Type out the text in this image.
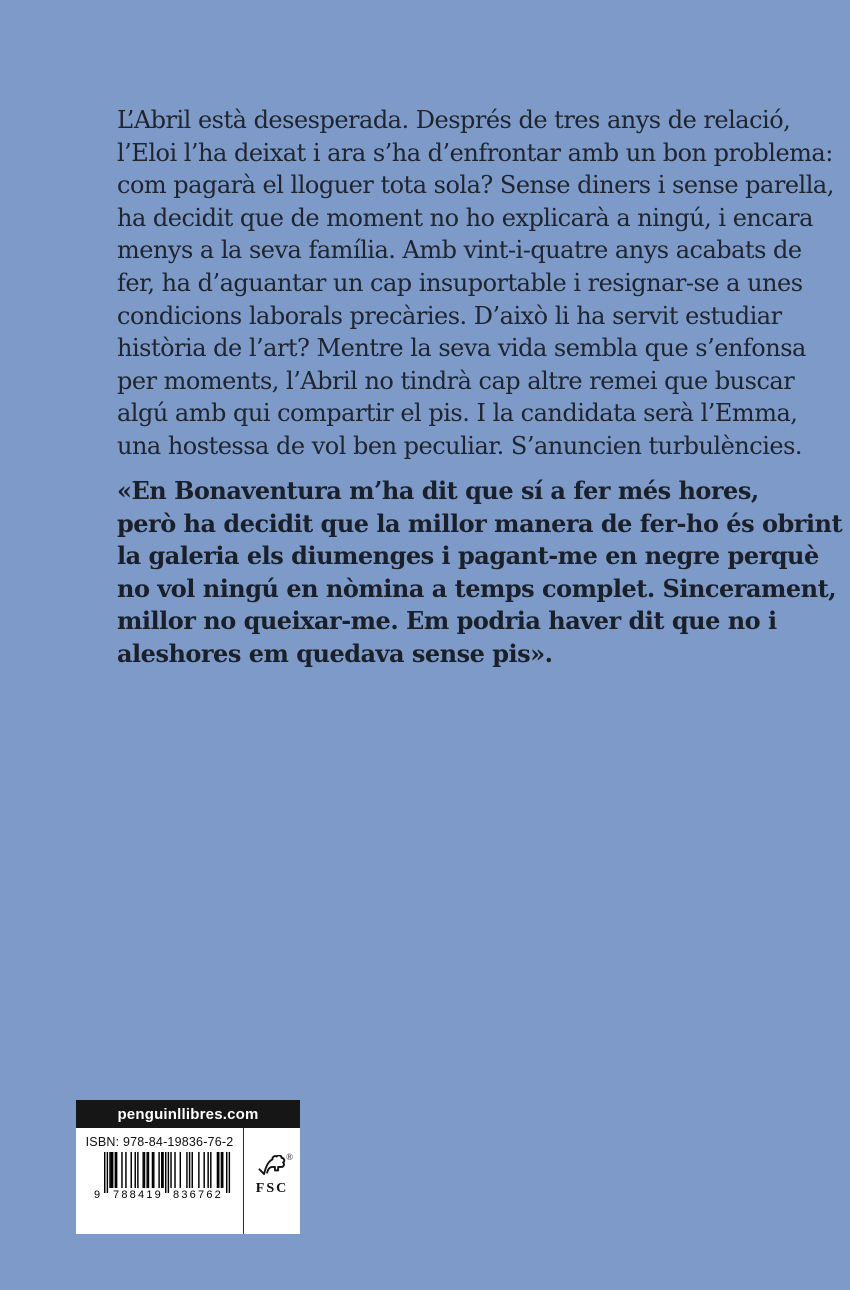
L’Abril està desesperada. Després de tres anys de relació,
l’Eloi l’ha deixat i ara s’ha d’enfrontar amb un bon problema:
com pagarà el lloguer tota sola? Sense diners i sense parella,
ha decidit que de moment no ho explicarà a ningú, i encara
menys a la seva família. Amb vint-i-quatre anys acabats de
fer, ha d’aguantar un cap insuportable i resignar-se a unes
condicions laborals precàries. D’això li ha servit estudiar
història de l’art? Mentre la seva vida sembla que s’enfonsa
per moments, l’Abril no tindrà cap altre remei que buscar
algú amb qui compartir el pis. I la candidata serà l’Emma,
una hostessa de vol ben peculiar. S’anuncien turbulències.

«En Bonaventura m’ha dit que sí a fer més hores,
però ha decidit que la millor manera de fer-ho és obrint
la galeria els diumenges i pagant-me en negre perquè
no vol ningú en nòmina a temps complet. Sincerament,
millor no queixar-me. Em podria haver dit que no i
aleshores em quedava sense pis».

penguinllibres.com
ISBN: 978-84-19836-76-2
9 788419 836762
®
FSC
